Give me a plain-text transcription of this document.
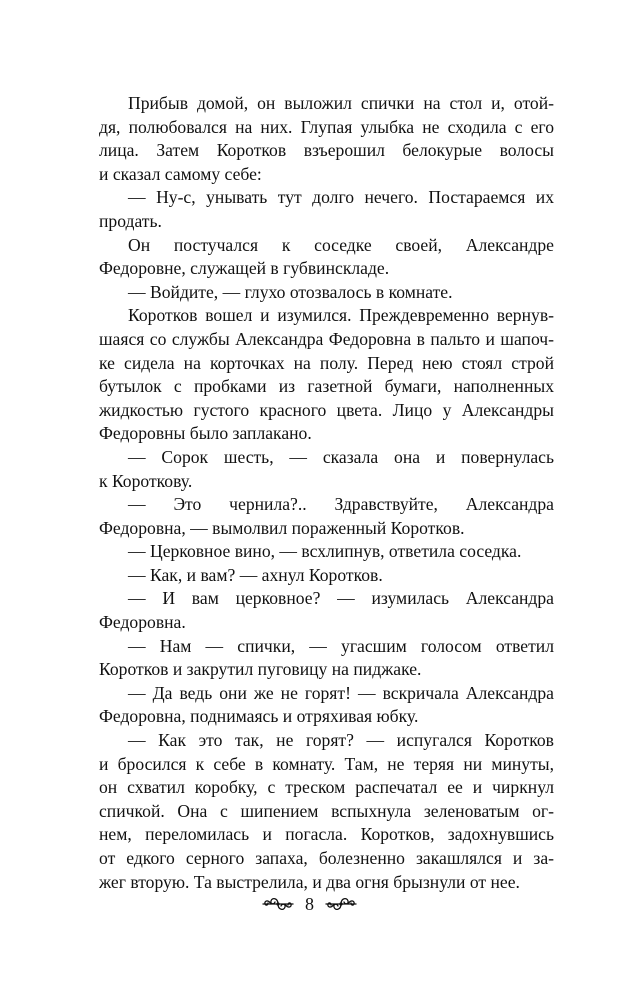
Прибыв домой, он выложил спички на стол и, отой-
дя, полюбовался на них. Глупая улыбка не сходила с его
лица. Затем Коротков взъерошил белокурые волосы
и сказал самому себе:
— Ну-с, унывать тут долго нечего. Постараемся их
продать.
Он постучался к соседке своей, Александре
Федоровне, служащей в губвинскладе.
— Войдите, — глухо отозвалось в комнате.
Коротков вошел и изумился. Преждевременно вернув-
шаяся со службы Александра Федоровна в пальто и шапоч-
ке сидела на корточках на полу. Перед нею стоял строй
бутылок с пробками из газетной бумаги, наполненных
жидкостью густого красного цвета. Лицо у Александры
Федоровны было заплакано.
— Сорок шесть, — сказала она и повернулась
к Короткову.
— Это чернила?.. Здравствуйте, Александра
Федоровна, — вымолвил пораженный Коротков.
— Церковное вино, — всхлипнув, ответила соседка.
— Как, и вам? — ахнул Коротков.
— И вам церковное? — изумилась Александра
Федоровна.
— Нам — спички, — угасшим голосом ответил
Коротков и закрутил пуговицу на пиджаке.
— Да ведь они же не горят! — вскричала Александра
Федоровна, поднимаясь и отряхивая юбку.
— Как это так, не горят? — испугался Коротков
и бросился к себе в комнату. Там, не теряя ни минуты,
он схватил коробку, с треском распечатал ее и чиркнул
спичкой. Она с шипением вспыхнула зеленоватым ог-
нем, переломилась и погасла. Коротков, задохнувшись
от едкого серного запаха, болезненно закашлялся и за-
жег вторую. Та выстрелила, и два огня брызнули от нее.
8
